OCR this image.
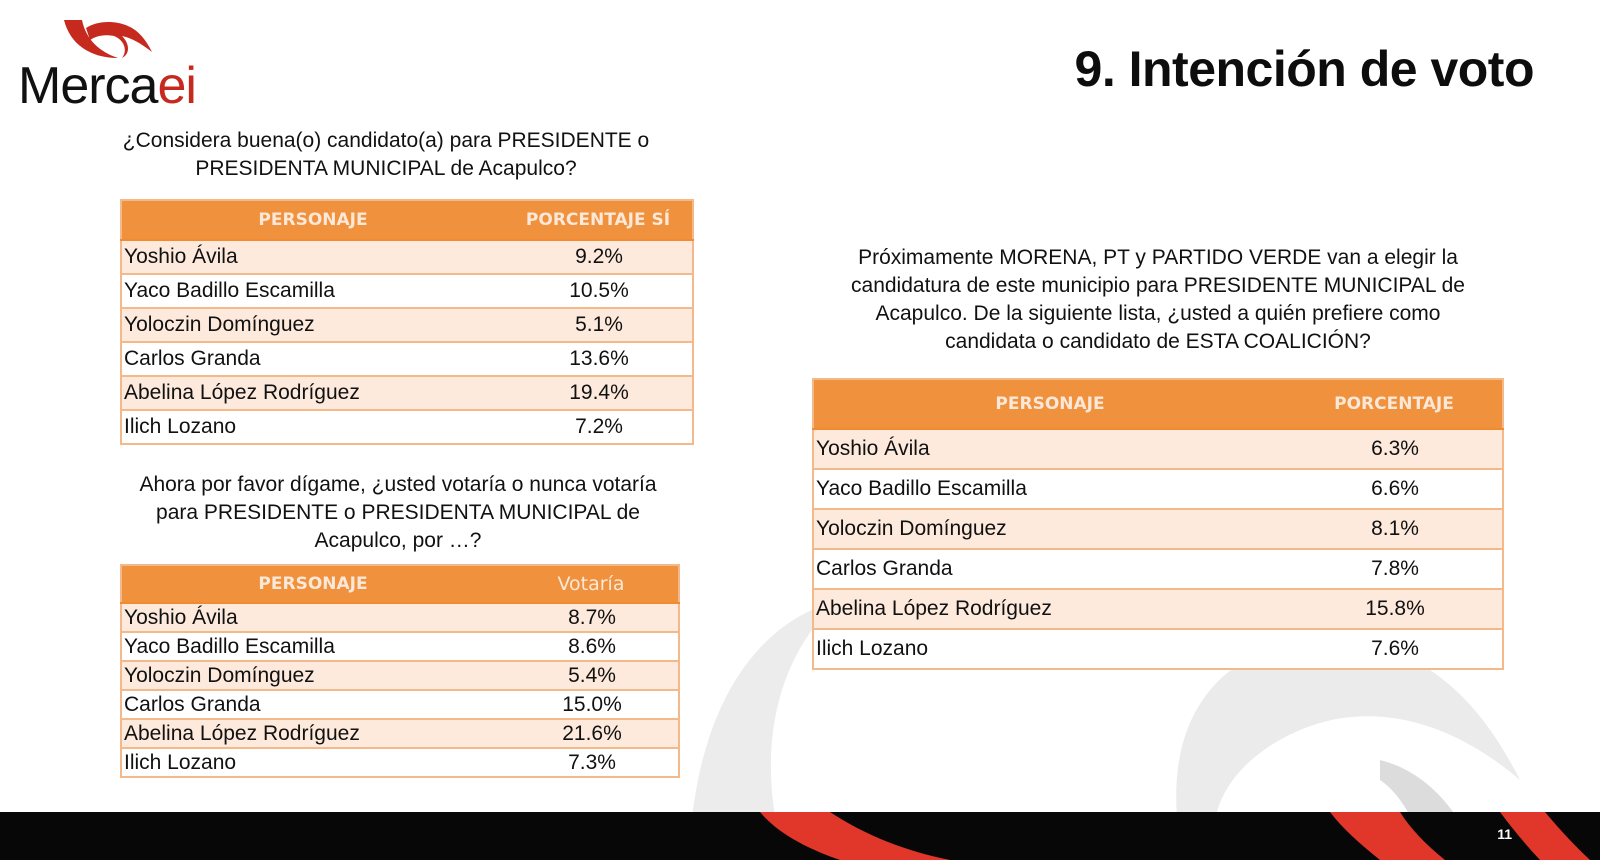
Mercaei	9. Intención de voto
¿Considera buena(o) candidato(a) para PRESIDENTE o
PRESIDENTA MUNICIPAL de Acapulco?
PERSONAJE	PORCENTAJE SÍ
Yoshio Ávila	9.2%
Yaco Badillo Escamilla	10.5%
Yoloczin Domínguez	5.1%
Carlos Granda	13.6%
Abelina López Rodríguez	19.4%
Ilich Lozano	7.2%
Ahora por favor dígame, ¿usted votaría o nunca votaría
para PRESIDENTE o PRESIDENTA MUNICIPAL de
Acapulco, por …?
PERSONAJE	Votaría
Yoshio Ávila	8.7%
Yaco Badillo Escamilla	8.6%
Yoloczin Domínguez	5.4%
Carlos Granda	15.0%
Abelina López Rodríguez	21.6%
Ilich Lozano	7.3%
Próximamente MORENA, PT y PARTIDO VERDE van a elegir la
candidatura de este municipio para PRESIDENTE MUNICIPAL de
Acapulco. De la siguiente lista, ¿usted a quién prefiere como
candidata o candidato de ESTA COALICIÓN?
PERSONAJE	PORCENTAJE
Yoshio Ávila	6.3%
Yaco Badillo Escamilla	6.6%
Yoloczin Domínguez	8.1%
Carlos Granda	7.8%
Abelina López Rodríguez	15.8%
Ilich Lozano	7.6%
11
